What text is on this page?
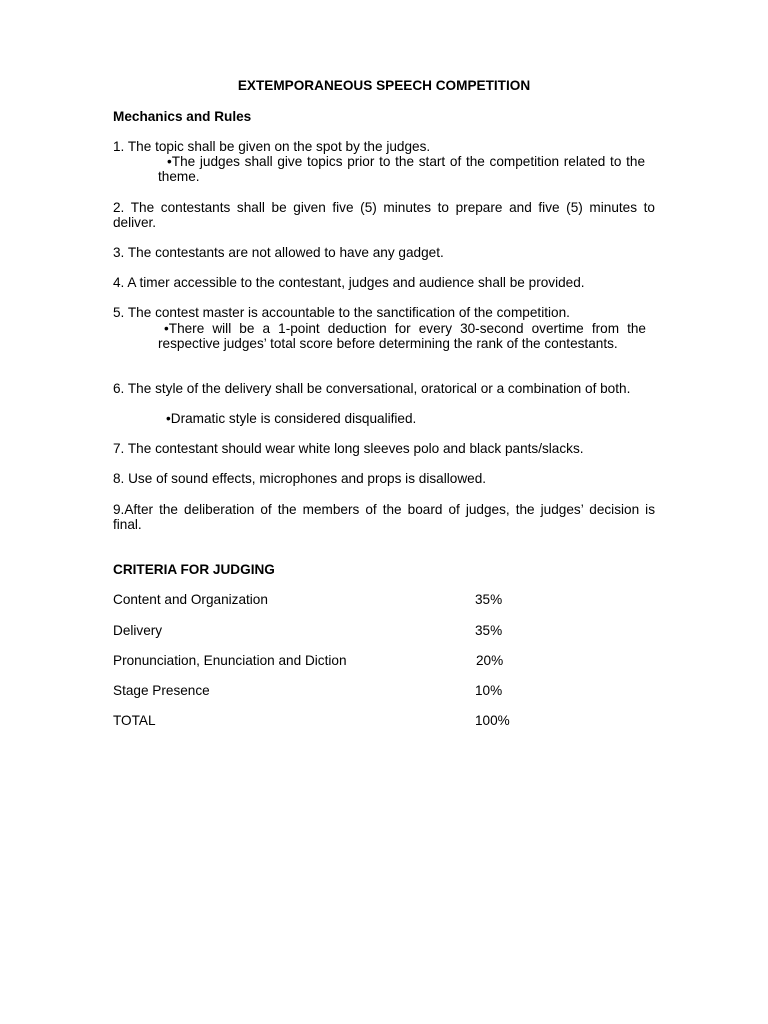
EXTEMPORANEOUS SPEECH COMPETITION
Mechanics and Rules
1. The topic shall be given on the spot by the judges.
•The judges shall give topics prior to the start of the competition related to the theme.
2. The contestants shall be given five (5) minutes to prepare and five (5) minutes to deliver.
3. The contestants are not allowed to have any gadget.
4. A timer accessible to the contestant, judges and audience shall be provided.
5. The contest master is accountable to the sanctification of the competition.
•There will be a 1-point deduction for every 30-second overtime from the respective judges’ total score before determining the rank of the contestants.
6. The style of the delivery shall be conversational, oratorical or a combination of both.
•Dramatic style is considered disqualified.
7. The contestant should wear white long sleeves polo and black pants/slacks.
8. Use of sound effects, microphones and props is disallowed.
9.After the deliberation of the members of the board of judges, the judges’ decision is final.
CRITERIA FOR JUDGING
Content and Organization	35%
Delivery	35%
Pronunciation, Enunciation and Diction	20%
Stage Presence	10%
TOTAL	100%
